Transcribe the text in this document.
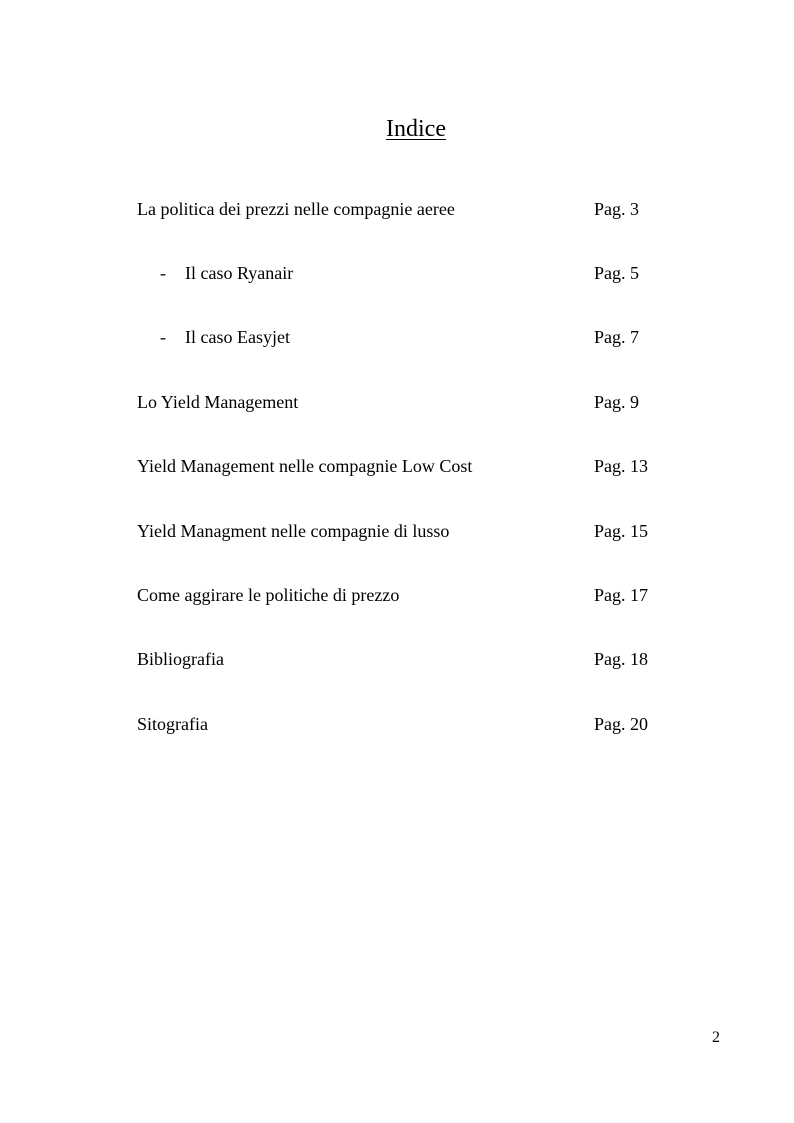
Indice
La politica dei prezzi nelle compagnie aeree	Pag. 3
- Il caso Ryanair	Pag. 5
- Il caso Easyjet	Pag. 7
Lo Yield Management	Pag. 9
Yield Management nelle compagnie Low Cost	Pag. 13
Yield Managment nelle compagnie di lusso	Pag. 15
Come aggirare le politiche di prezzo	Pag. 17
Bibliografia	Pag. 18
Sitografia	Pag. 20
2
